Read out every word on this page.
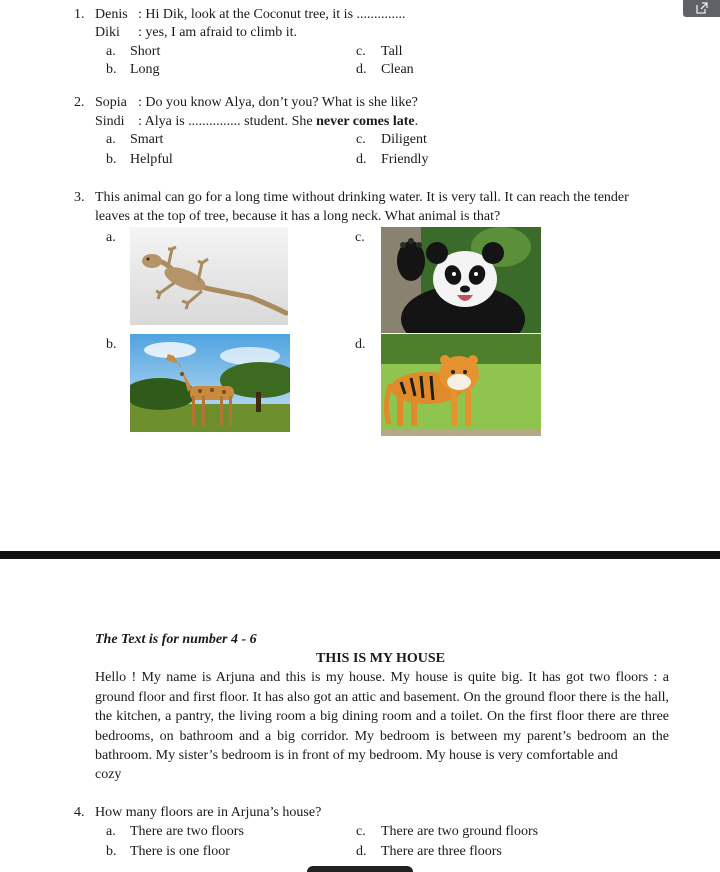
1. Denis : Hi Dik, look at the Coconut tree, it is ..............
Diki : yes, I am afraid to climb it.
a. Short
b. Long
c. Tall
d. Clean
2. Sopia : Do you know Alya, don’t you? What is she like?
Sindi : Alya is ............... student. She never comes late.
a. Smart
b. Helpful
c. Diligent
d. Friendly
3. This animal can go for a long time without drinking water. It is very tall. It can reach the tender
leaves at the top of tree, because it has a long neck. What animal is that?
a.
b.
c.
d.
The Text is for number 4 - 6
THIS IS MY HOUSE
Hello ! My name is Arjuna and this is my house. My house is quite big. It has got two floors : a ground floor and first floor. It has also got an attic and basement. On the ground floor there is the hall, the kitchen, a pantry, the living room a big dining room and a toilet. On the first floor there are three bedrooms, on bathroom and a big corridor. My bedroom is between my parent’s bedroom an the bathroom. My sister’s bedroom is in front of my bedroom. My house is very comfortable and
cozy
4. How many floors are in Arjuna’s house?
a. There are two floors
b. There is one floor
c. There are two ground floors
d. There are three floors
